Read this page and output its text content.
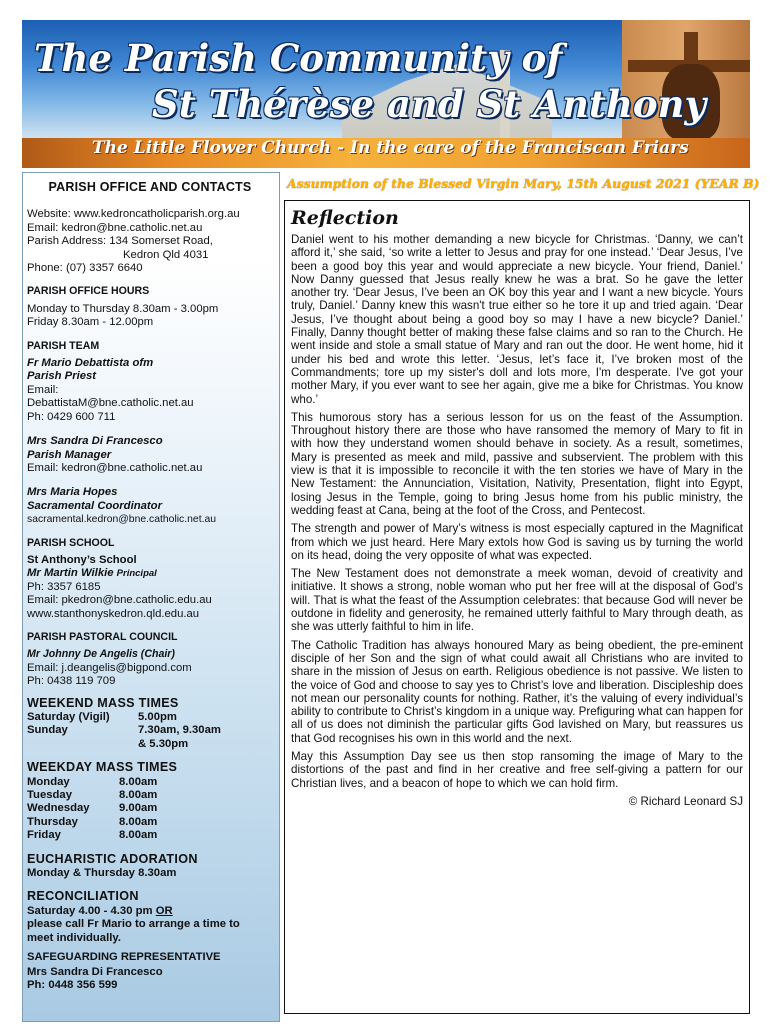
The Parish Community of
St Thérèse and St Anthony
The Little Flower Church - In the care of the Franciscan Friars
PARISH OFFICE AND CONTACTS
Website: www.kedroncatholicparish.org.au
Email: kedron@bne.catholic.net.au
Parish Address: 134 Somerset Road,
Kedron Qld 4031
Phone: (07) 3357 6640
PARISH OFFICE HOURS
Monday to Thursday 8.30am - 3.00pm
Friday 8.30am - 12.00pm
PARISH TEAM
Fr Mario Debattista ofm
Parish Priest
Email:
DebattistaM@bne.catholic.net.au
Ph: 0429 600 711
Mrs Sandra Di Francesco
Parish Manager
Email: kedron@bne.catholic.net.au
Mrs Maria Hopes
Sacramental Coordinator
sacramental.kedron@bne.catholic.net.au
PARISH SCHOOL
St Anthony’s School
Mr Martin Wilkie Principal
Ph: 3357 6185
Email: pkedron@bne.catholic.edu.au
www.stanthonyskedron.qld.edu.au
PARISH PASTORAL COUNCIL
Mr Johnny De Angelis (Chair)
Email: j.deangelis@bigpond.com
Ph: 0438 119 709
WEEKEND MASS TIMES
Saturday (Vigil)	5.00pm
Sunday	7.30am, 9.30am
& 5.30pm
WEEKDAY MASS TIMES
Monday	8.00am
Tuesday	8.00am
Wednesday	9.00am
Thursday	8.00am
Friday	8.00am
EUCHARISTIC ADORATION
Monday & Thursday 8.30am
RECONCILIATION
Saturday 4.00 - 4.30 pm OR
please call Fr Mario to arrange a time to
meet individually.
SAFEGUARDING REPRESENTATIVE
Mrs Sandra Di Francesco
Ph: 0448 356 599
Assumption of the Blessed Virgin Mary, 15th August 2021 (YEAR B)
Reflection

Daniel went to his mother demanding a new bicycle for Christmas. ‘Danny, we can’t afford it,’ she said, ‘so write a letter to Jesus and pray for one instead.’ ‘Dear Jesus, I’ve been a good boy this year and would appreciate a new bicycle. Your friend, Daniel.’ Now Danny guessed that Jesus really knew he was a brat. So he gave the letter another try. ‘Dear Jesus, I’ve been an OK boy this year and I want a new bicycle. Yours truly, Daniel.’ Danny knew this wasn't true either so he tore it up and tried again. ‘Dear Jesus, I’ve thought about being a good boy so may I have a new bicycle? Daniel.’ Finally, Danny thought better of making these false claims and so ran to the Church. He went inside and stole a small statue of Mary and ran out the door. He went home, hid it under his bed and wrote this letter. ‘Jesus, let’s face it, I’ve broken most of the Commandments; tore up my sister's doll and lots more, I'm desperate. I've got your mother Mary, if you ever want to see her again, give me a bike for Christmas. You know who.’

This humorous story has a serious lesson for us on the feast of the Assumption. Throughout history there are those who have ransomed the memory of Mary to fit in with how they understand women should behave in society. As a result, sometimes, Mary is presented as meek and mild, passive and subservient. The problem with this view is that it is impossible to reconcile it with the ten stories we have of Mary in the New Testament: the Annunciation, Visitation, Nativity, Presentation, flight into Egypt, losing Jesus in the Temple, going to bring Jesus home from his public ministry, the wedding feast at Cana, being at the foot of the Cross, and Pentecost.

The strength and power of Mary’s witness is most especially captured in the Magnificat from which we just heard. Here Mary extols how God is saving us by turning the world on its head, doing the very opposite of what was expected.

The New Testament does not demonstrate a meek woman, devoid of creativity and initiative. It shows a strong, noble woman who put her free will at the disposal of God's will. That is what the feast of the Assumption celebrates: that because God will never be outdone in fidelity and generosity, he remained utterly faithful to Mary through death, as she was utterly faithful to him in life.

The Catholic Tradition has always honoured Mary as being obedient, the pre-eminent disciple of her Son and the sign of what could await all Christians who are invited to share in the mission of Jesus on earth. Religious obedience is not passive. We listen to the voice of God and choose to say yes to Christ’s love and liberation. Discipleship does not mean our personality counts for nothing. Rather, it’s the valuing of every individual’s ability to contribute to Christ’s kingdom in a unique way. Prefiguring what can happen for all of us does not diminish the particular gifts God lavished on Mary, but reassures us that God recognises his own in this world and the next.

May this Assumption Day see us then stop ransoming the image of Mary to the distortions of the past and find in her creative and free self-giving a pattern for our Christian lives, and a beacon of hope to which we can hold firm.

© Richard Leonard SJ
